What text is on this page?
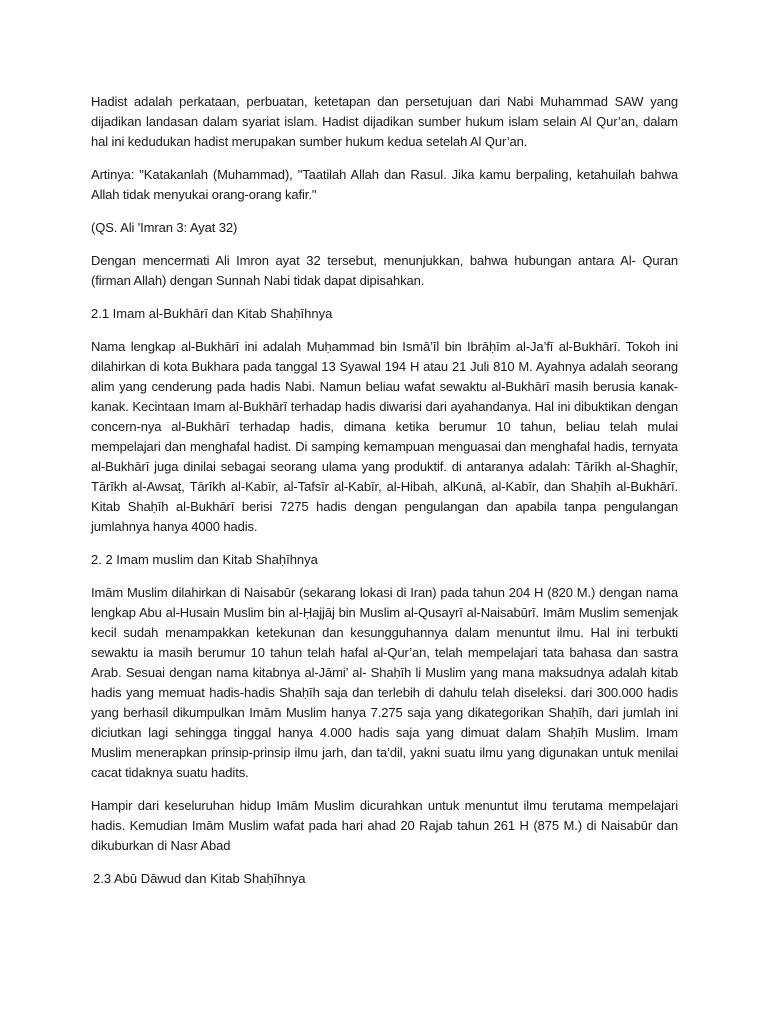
Hadist adalah perkataan, perbuatan, ketetapan dan persetujuan dari Nabi Muhammad SAW yang dijadikan landasan dalam syariat islam. Hadist dijadikan sumber hukum islam selain Al Qur’an, dalam hal ini kedudukan hadist merupakan sumber hukum kedua setelah Al Qur’an.

Artinya: "Katakanlah (Muhammad), "Taatilah Allah dan Rasul. Jika kamu berpaling, ketahuilah bahwa Allah tidak menyukai orang-orang kafir."

(QS. Ali 'Imran 3: Ayat 32)

Dengan mencermati Ali Imron ayat 32 tersebut, menunjukkan, bahwa hubungan antara Al- Quran (firman Allah) dengan Sunnah Nabi tidak dapat dipisahkan.

2.1 Imam al-Bukhārī dan Kitab Shaḥīhnya

Nama lengkap al-Bukhārī ini adalah Muḥammad bin Ismā’īl bin Ibrāḥīm al-Ja’fī al-Bukhārī. Tokoh ini dilahirkan di kota Bukhara pada tanggal 13 Syawal 194 H atau 21 Juli 810 M. Ayahnya adalah seorang alim yang cenderung pada hadis Nabi. Namun beliau wafat sewaktu al-Bukhārī masih berusia kanak-kanak. Kecintaan Imam al-Bukhārī terhadap hadis diwarisi dari ayahandanya. Hal ini dibuktikan dengan concern-nya al-Bukhārī terhadap hadis, dimana ketika berumur 10 tahun, beliau telah mulai mempelajari dan menghafal hadist. Di samping kemampuan menguasai dan menghafal hadis, ternyata al-Bukhārī juga dinilai sebagai seorang ulama yang produktif. di antaranya adalah: Tārīkh al-Shaghīr, Tārīkh al-Awsaṭ, Tārīkh al-Kabīr, al-Tafsīr al-Kabīr, al-Hibah, alKunā, al-Kabīr, dan Shaḥīh al-Bukhārī. Kitab Shaḥīh al-Bukhārī berisi 7275 hadis dengan pengulangan dan apabila tanpa pengulangan jumlahnya hanya 4000 hadis.

2. 2 Imam muslim dan Kitab Shaḥīhnya

Imām Muslim dilahirkan di Naisabūr (sekarang lokasi di Iran) pada tahun 204 H (820 M.) dengan nama lengkap Abu al-Husain Muslim bin al-Ḥajjāj bin Muslim al-Qusayrī al-Naisabūrī. Imām Muslim semenjak kecil sudah menampakkan ketekunan dan kesungguhannya dalam menuntut ilmu. Hal ini terbukti sewaktu ia masih berumur 10 tahun telah hafal al-Qur’an, telah mempelajari tata bahasa dan sastra Arab. Sesuai dengan nama kitabnya al-Jāmi’ al- Shaḥīh li Muslim yang mana maksudnya adalah kitab hadis yang memuat hadis-hadis Shaḥīh saja dan terlebih di dahulu telah diseleksi. dari 300.000 hadis yang berhasil dikumpulkan Imām Muslim hanya 7.275 saja yang dikategorikan Shaḥīh, dari jumlah ini diciutkan lagi sehingga tinggal hanya 4.000 hadis saja yang dimuat dalam Shaḥīh Muslim. Imam Muslim menerapkan prinsip-prinsip ilmu jarh, dan ta’dil, yakni suatu ilmu yang digunakan untuk menilai cacat tidaknya suatu hadits.

Hampir dari keseluruhan hidup Imām Muslim dicurahkan untuk menuntut ilmu terutama mempelajari hadis. Kemudian Imām Muslim wafat pada hari ahad 20 Rajab tahun 261 H (875 M.) di Naisabūr dan dikuburkan di Nasr Abad

2.3 Abū Dāwud dan Kitab Shaḥīhnya
